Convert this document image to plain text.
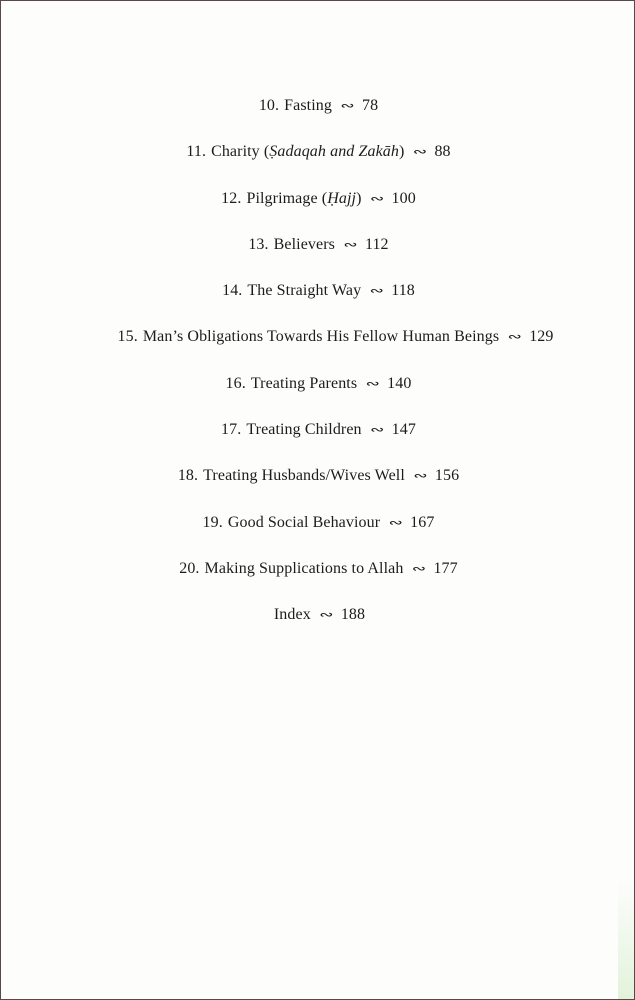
10. Fasting ∾ 78
11. Charity (Ṣadaqah and Zakāh) ∾ 88
12. Pilgrimage (Ḥajj) ∾ 100
13. Believers ∾ 112
14. The Straight Way ∾ 118
15. Man’s Obligations Towards His Fellow Human Beings ∾ 129
16. Treating Parents ∾ 140
17. Treating Children ∾ 147
18. Treating Husbands/Wives Well ∾ 156
19. Good Social Behaviour ∾ 167
20. Making Supplications to Allah ∾ 177
Index ∾ 188
